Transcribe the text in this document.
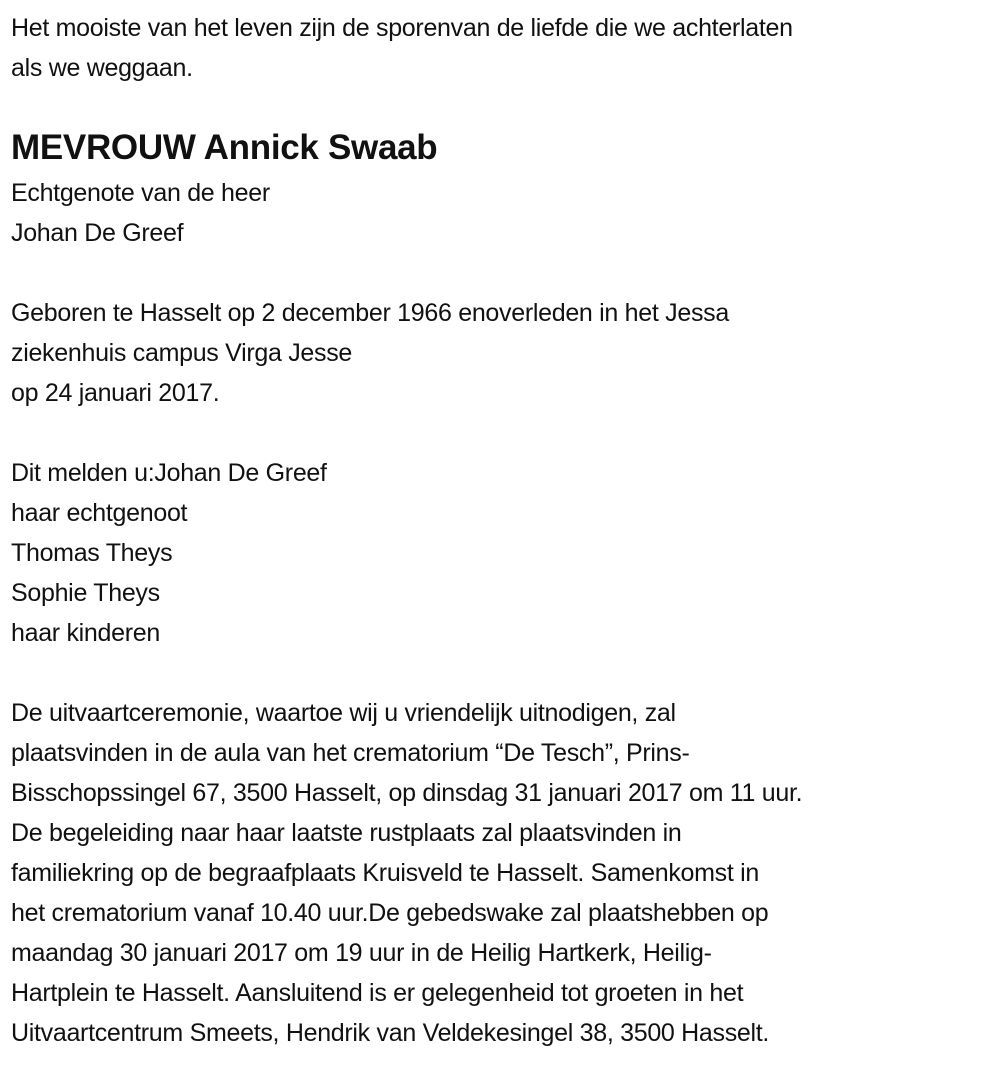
Het mooiste van het leven zijn de sporenvan de liefde die we achterlaten
als we weggaan.
MEVROUW Annick Swaab
Echtgenote van de heer
Johan De Greef
Geboren te Hasselt op 2 december 1966 enoverleden in het Jessa
ziekenhuis campus Virga Jesse
op 24 januari 2017.
Dit melden u:Johan De Greef
haar echtgenoot
Thomas Theys
Sophie Theys
haar kinderen
De uitvaartceremonie, waartoe wij u vriendelijk uitnodigen, zal
plaatsvinden in de aula van het crematorium “De Tesch”, Prins-
Bisschopssingel 67, 3500 Hasselt, op dinsdag 31 januari 2017 om 11 uur.
De begeleiding naar haar laatste rustplaats zal plaatsvinden in
familiekring op de begraafplaats Kruisveld te Hasselt. Samenkomst in
het crematorium vanaf 10.40 uur.De gebedswake zal plaatshebben op
maandag 30 januari 2017 om 19 uur in de Heilig Hartkerk, Heilig-
Hartplein te Hasselt. Aansluitend is er gelegenheid tot groeten in het
Uitvaartcentrum Smeets, Hendrik van Veldekesingel 38, 3500 Hasselt.
